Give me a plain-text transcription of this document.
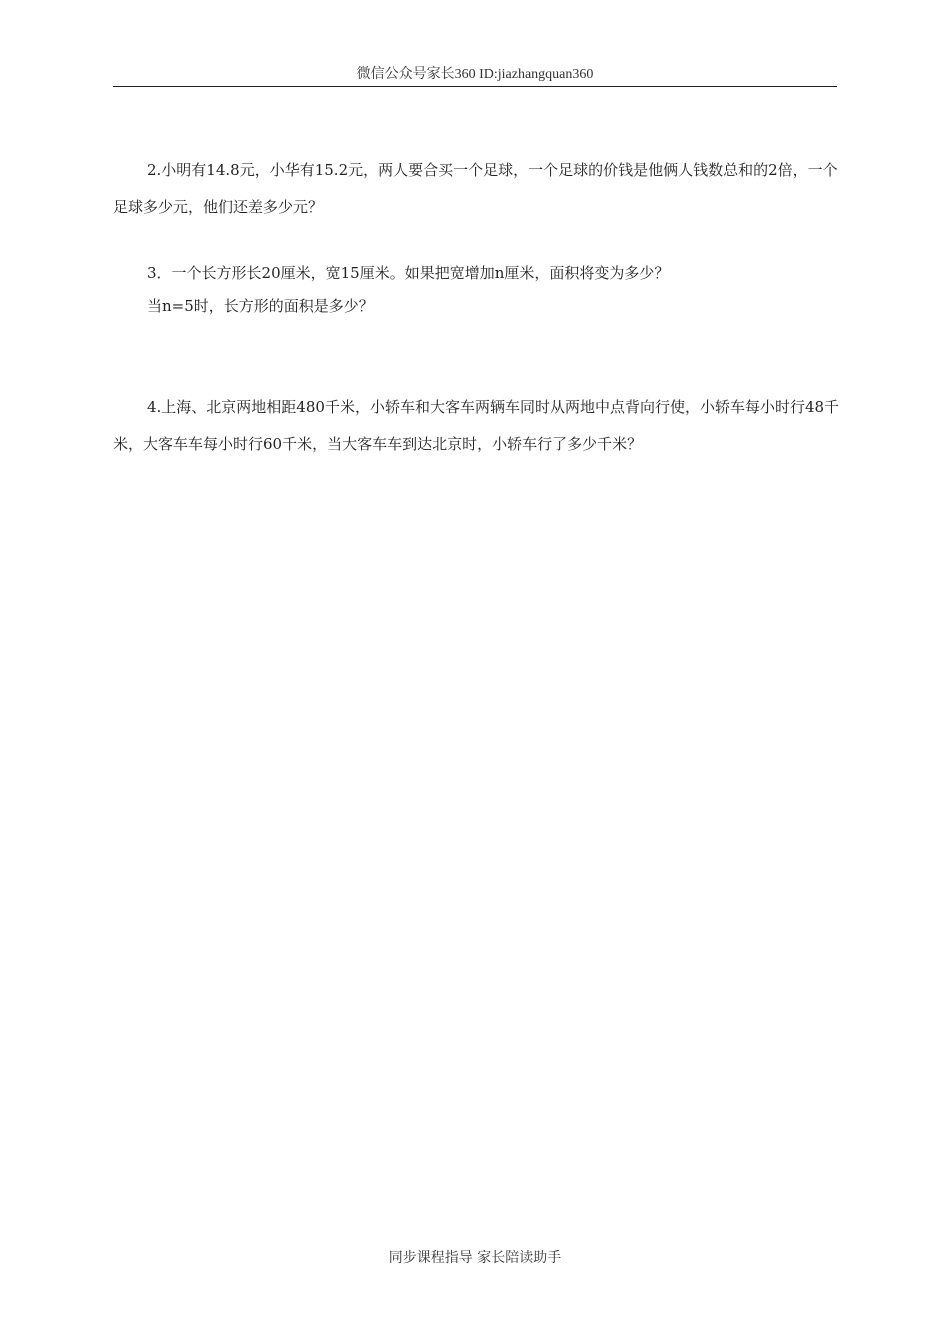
微信公众号家长360 ID:jiazhangquan360

2.小明有14.8元，小华有15.2元，两人要合买一个足球，一个足球的价钱是他俩人钱数总和的2倍，一个足球多少元，他们还差多少元？

3．一个长方形长20厘米，宽15厘米。如果把宽增加n厘米，面积将变为多少？
当n=5时，长方形的面积是多少？

4.上海、北京两地相距480千米，小轿车和大客车两辆车同时从两地中点背向行使，小轿车每小时行48千米，大客车车每小时行60千米，当大客车车到达北京时，小轿车行了多少千米？

同步课程指导 家长陪读助手
